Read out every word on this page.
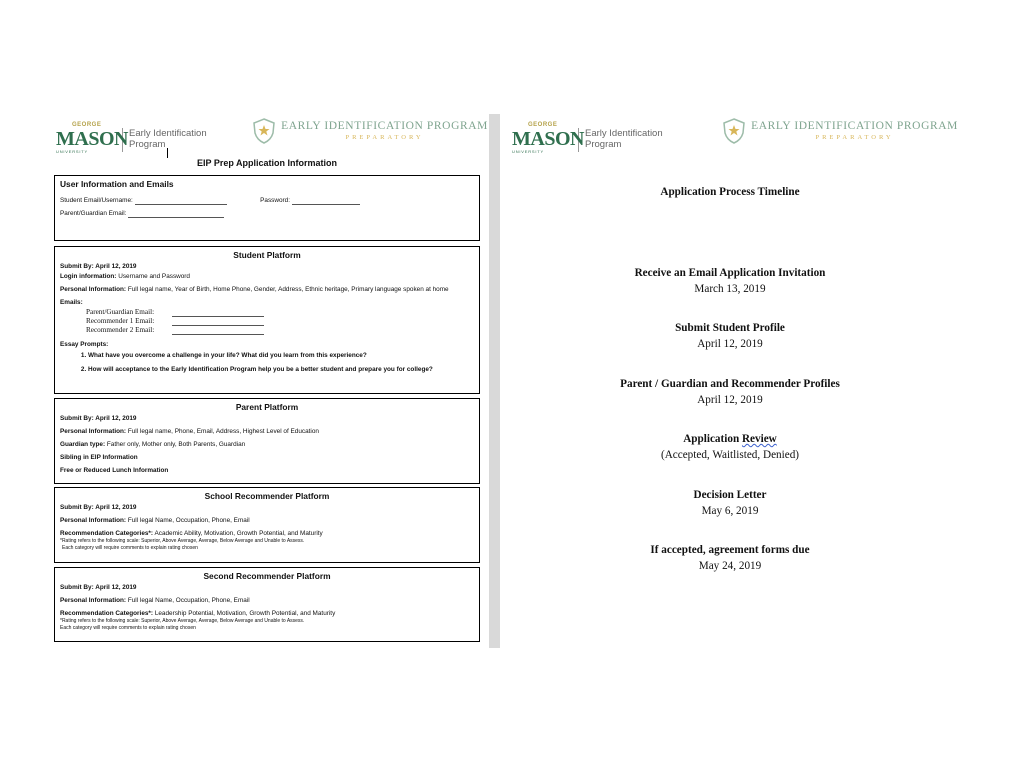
GEORGE
MASON
UNIVERSITY
Early Identification
Program
EARLY IDENTIFICATION PROGRAM
PREPARATORY
EIP Prep Application Information
User Information and Emails
Student Email/Username:	Password:
Parent/Guardian Email:
Student Platform
Submit By: April 12, 2019
Login information: Username and Password
Personal Information: Full legal name, Year of Birth, Home Phone, Gender, Address, Ethnic heritage, Primary language spoken at home
Emails:
Parent/Guardian Email:
Recommender 1 Email:
Recommender 2 Email:
Essay Prompts:
1. What have you overcome a challenge in your life? What did you learn from this experience?
2. How will acceptance to the Early Identification Program help you be a better student and prepare you for college?
Parent Platform
Submit By: April 12, 2019
Personal Information: Full legal name, Phone, Email, Address, Highest Level of Education
Guardian type: Father only, Mother only, Both Parents, Guardian
Sibling in EIP Information
Free or Reduced Lunch Information
School Recommender Platform
Submit By: April 12, 2019
Personal Information: Full legal Name, Occupation, Phone, Email
Recommendation Categories*: Academic Ability, Motivation, Growth Potential, and Maturity
*Rating refers to the following scale: Superior, Above Average, Average, Below Average and Unable to Assess.
Each category will require comments to explain rating chosen
Second Recommender Platform
Submit By: April 12, 2019
Personal Information: Full legal Name, Occupation, Phone, Email
Recommendation Categories*: Leadership Potential, Motivation, Growth Potential, and Maturity
*Rating refers to the following scale: Superior, Above Average, Average, Below Average and Unable to Assess.
Each category will require comments to explain rating chosen
GEORGE
MASON
UNIVERSITY
Early Identification
Program
EARLY IDENTIFICATION PROGRAM
PREPARATORY
Application Process Timeline
Receive an Email Application Invitation
March 13, 2019
Submit Student Profile
April 12, 2019
Parent / Guardian and Recommender Profiles
April 12, 2019
Application Review
(Accepted, Waitlisted, Denied)
Decision Letter
May 6, 2019
If accepted, agreement forms due
May 24, 2019
